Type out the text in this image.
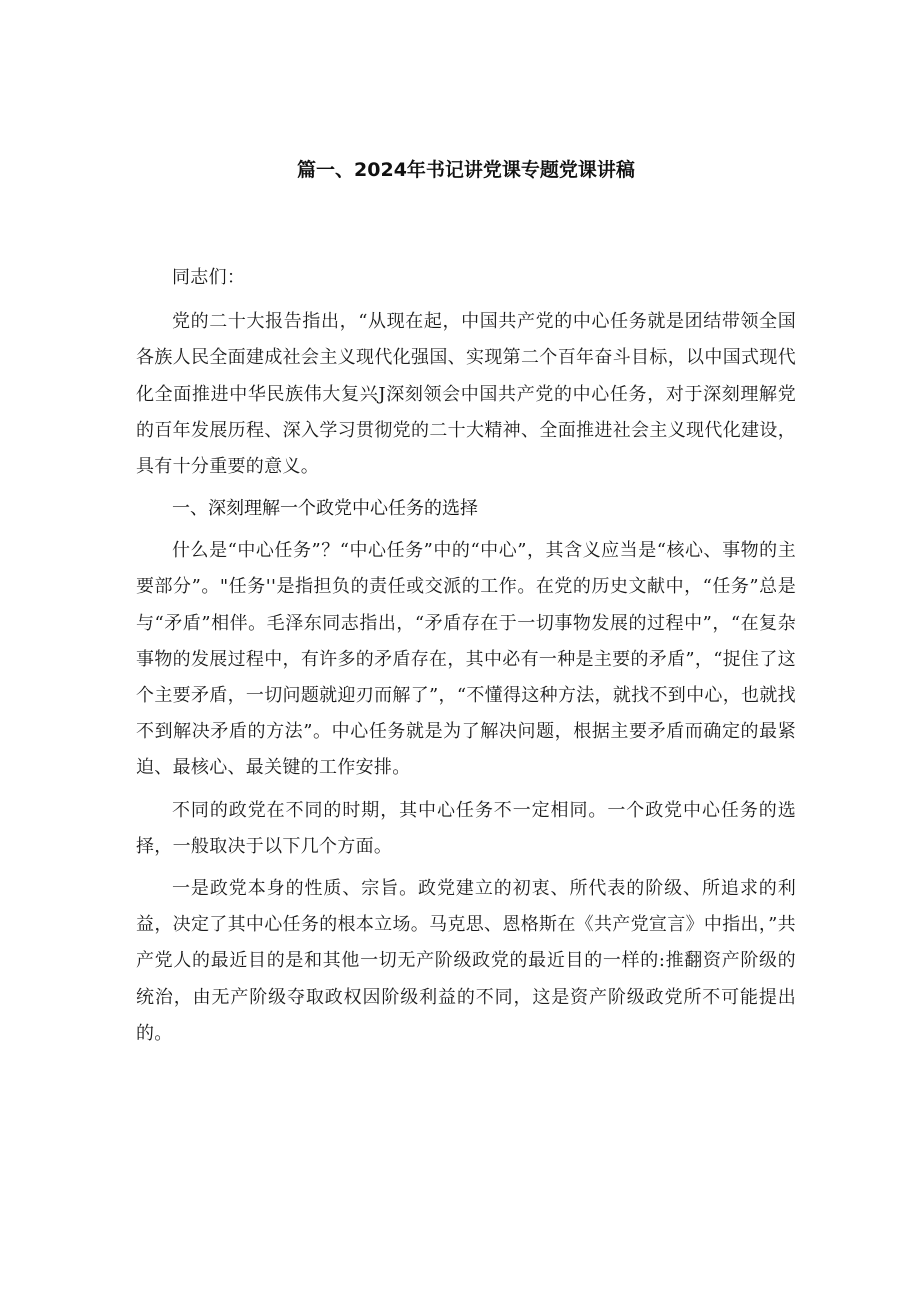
篇一、2024年书记讲党课专题党课讲稿

同志们：

党的二十大报告指出，“从现在起，中国共产党的中心任务就是团结带领全国各族人民全面建成社会主义现代化强国、实现第二个百年奋斗目标，以中国式现代化全面推进中华民族伟大复兴J深刻领会中国共产党的中心任务，对于深刻理解党的百年发展历程、深入学习贯彻党的二十大精神、全面推进社会主义现代化建设，具有十分重要的意义。

一、深刻理解一个政党中心任务的选择

什么是“中心任务”？“中心任务”中的“中心”，其含义应当是“核心、事物的主要部分”。"任务''是指担负的责任或交派的工作。在党的历史文献中，“任务”总是与“矛盾”相伴。毛泽东同志指出，“矛盾存在于一切事物发展的过程中”，“在复杂事物的发展过程中，有许多的矛盾存在，其中必有一种是主要的矛盾”，“捉住了这个主要矛盾，一切问题就迎刃而解了”，“不懂得这种方法，就找不到中心，也就找不到解决矛盾的方法”。中心任务就是为了解决问题，根据主要矛盾而确定的最紧迫、最核心、最关键的工作安排。

不同的政党在不同的时期，其中心任务不一定相同。一个政党中心任务的选择，一般取决于以下几个方面。

一是政党本身的性质、宗旨。政党建立的初衷、所代表的阶级、所追求的利益，决定了其中心任务的根本立场。马克思、恩格斯在《共产党宣言》中指出，”共产党人的最近目的是和其他一切无产阶级政党的最近目的一样的:推翻资产阶级的统治，由无产阶级夺取政权因阶级利益的不同，这是资产阶级政党所不可能提出的。
